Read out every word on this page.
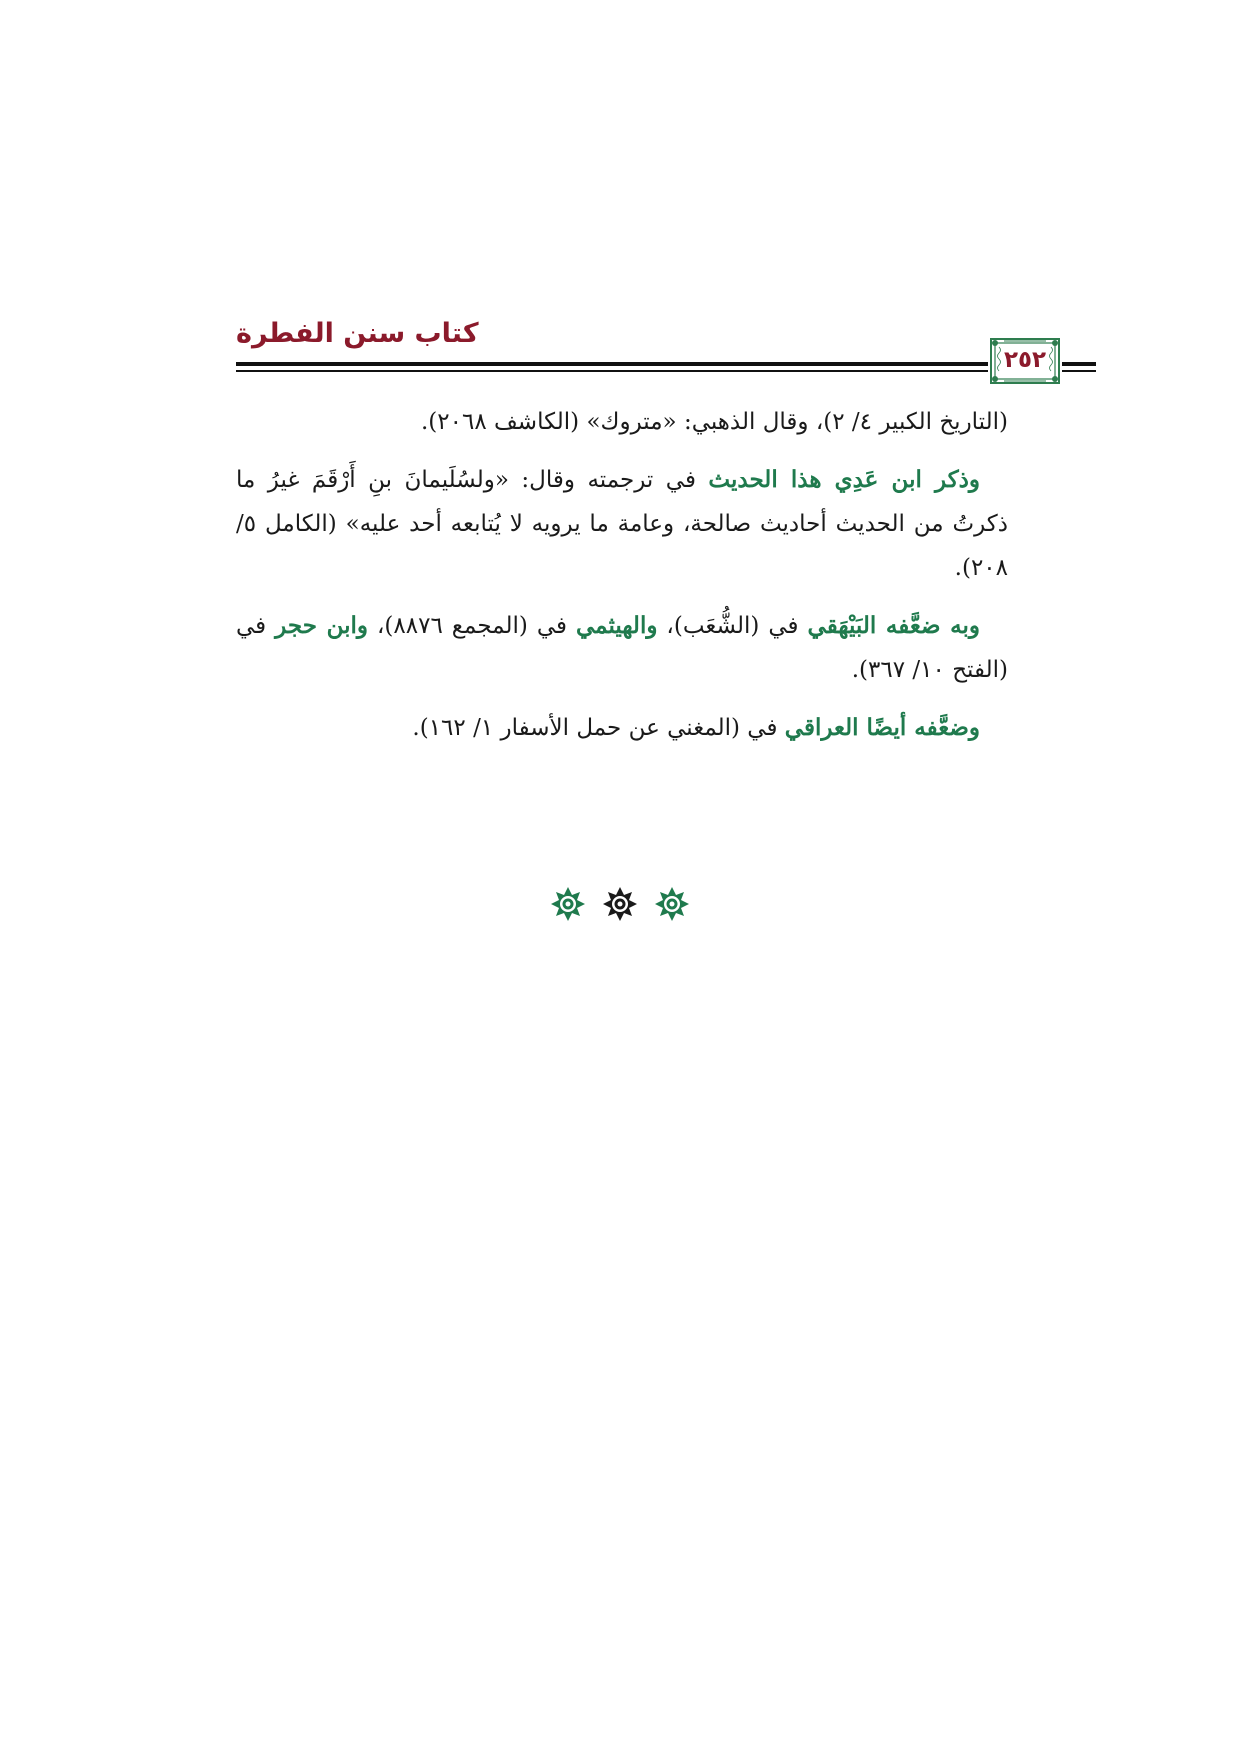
كتاب سنن الفطرة
٢٥٢

(التاريخ الكبير ٤/ ٢)، وقال الذهبي: «متروك» (الكاشف ٢٠٦٨).

وذكر ابن عَدِي هذا الحديث في ترجمته وقال: «ولسُلَيمانَ بنِ أَرْقَمَ غيرُ ما ذكرتُ من الحديث أحاديث صالحة، وعامة ما يرويه لا يُتابعه أحد عليه» (الكامل ٥/ ٢٠٨).

وبه ضعَّفه البَيْهَقي في (الشُّعَب)، والهيثمي في (المجمع ٨٨٧٦)، وابن حجر في (الفتح ١٠/ ٣٦٧).

وضعَّفه أيضًا العراقي في (المغني عن حمل الأسفار ١/ ١٦٢).
